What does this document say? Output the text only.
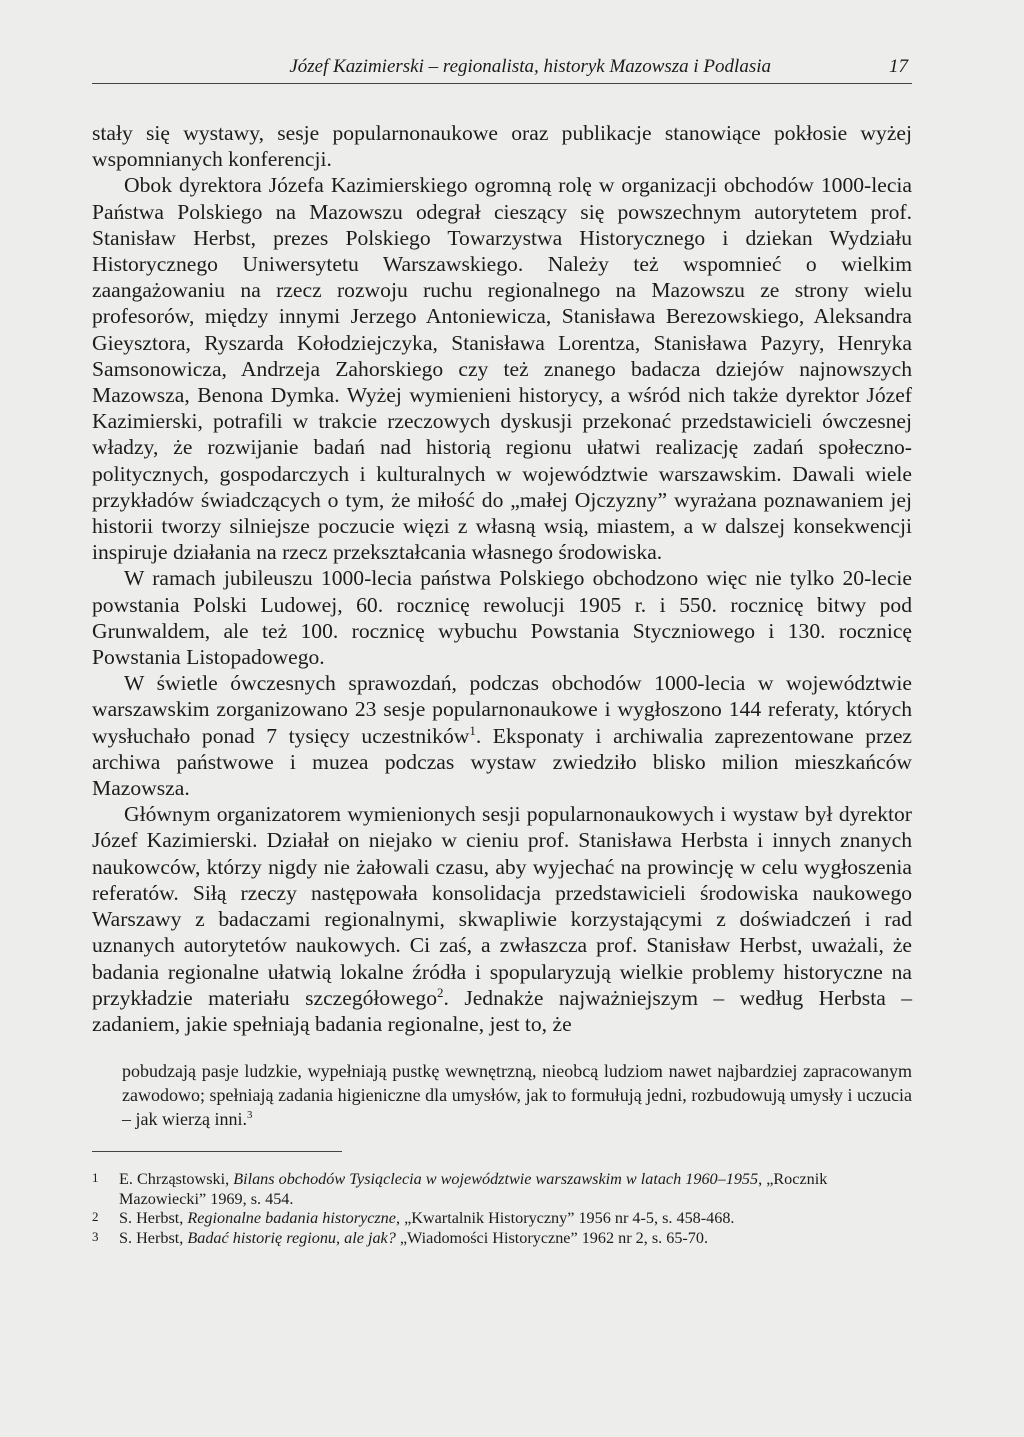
Józef Kazimierski – regionalista, historyk Mazowsza i Podlasia	17

stały się wystawy, sesje popularnonaukowe oraz publikacje stanowiące pokłosie wyżej wspomnianych konferencji.

Obok dyrektora Józefa Kazimierskiego ogromną rolę w organizacji obchodów 1000-lecia Państwa Polskiego na Mazowszu odegrał cieszący się powszechnym autorytetem prof. Stanisław Herbst, prezes Polskiego Towarzystwa Historycznego i dziekan Wydziału Historycznego Uniwersytetu Warszawskiego. Należy też wspomnieć o wielkim zaangażowaniu na rzecz rozwoju ruchu regionalnego na Mazowszu ze strony wielu profesorów, między innymi Jerzego Antoniewicza, Stanisława Berezowskiego, Aleksandra Gieysztora, Ryszarda Kołodziejczyka, Stanisława Lorentza, Stanisława Pazyry, Henryka Samsonowicza, Andrzeja Zahorskiego czy też znanego badacza dziejów najnowszych Mazowsza, Benona Dymka. Wyżej wymienieni historycy, a wśród nich także dyrektor Józef Kazimierski, potrafili w trakcie rzeczowych dyskusji przekonać przedstawicieli ówczesnej władzy, że rozwijanie badań nad historią regionu ułatwi realizację zadań społeczno-politycznych, gospodarczych i kulturalnych w województwie warszawskim. Dawali wiele przykładów świadczących o tym, że miłość do „małej Ojczyzny” wyrażana poznawaniem jej historii tworzy silniejsze poczucie więzi z własną wsią, miastem, a w dalszej konsekwencji inspiruje działania na rzecz przekształcania własnego środowiska.

W ramach jubileuszu 1000-lecia państwa Polskiego obchodzono więc nie tylko 20-lecie powstania Polski Ludowej, 60. rocznicę rewolucji 1905 r. i 550. rocznicę bitwy pod Grunwaldem, ale też 100. rocznicę wybuchu Powstania Styczniowego i 130. rocznicę Powstania Listopadowego.

W świetle ówczesnych sprawozdań, podczas obchodów 1000-lecia w województwie warszawskim zorganizowano 23 sesje popularnonaukowe i wygłoszono 144 referaty, których wysłuchało ponad 7 tysięcy uczestników$^1$. Eksponaty i archiwalia zaprezentowane przez archiwa państwowe i muzea podczas wystaw zwiedziło blisko milion mieszkańców Mazowsza.

Głównym organizatorem wymienionych sesji popularnonaukowych i wystaw był dyrektor Józef Kazimierski. Działał on niejako w cieniu prof. Stanisława Herbsta i innych znanych naukowców, którzy nigdy nie żałowali czasu, aby wyjechać na prowincję w celu wygłoszenia referatów. Siłą rzeczy następowała konsolidacja przedstawicieli środowiska naukowego Warszawy z badaczami regionalnymi, skwapliwie korzystającymi z doświadczeń i rad uznanych autorytetów naukowych. Ci zaś, a zwłaszcza prof. Stanisław Herbst, uważali, że badania regionalne ułatwią lokalne źródła i spopularyzują wielkie problemy historyczne na przykładzie materiału szczegółowego$^2$. Jednakże najważniejszym – według Herbsta – zadaniem, jakie spełniają badania regionalne, jest to, że

pobudzają pasje ludzkie, wypełniają pustkę wewnętrzną, nieobcą ludziom nawet najbardziej zapracowanym zawodowo; spełniają zadania higieniczne dla umysłów, jak to formułują jedni, rozbudowują umysły i uczucia – jak wierzą inni.$^3$
1	E. Chrząstowski, Bilans obchodów Tysiąclecia w województwie warszawskim w latach 1960–1955, „Rocznik Mazowiecki” 1969, s. 454.
2	S. Herbst, Regionalne badania historyczne, „Kwartalnik Historyczny” 1956 nr 4-5, s. 458-468.
3	S. Herbst, Badać historię regionu, ale jak? „Wiadomości Historyczne” 1962 nr 2, s. 65-70.
